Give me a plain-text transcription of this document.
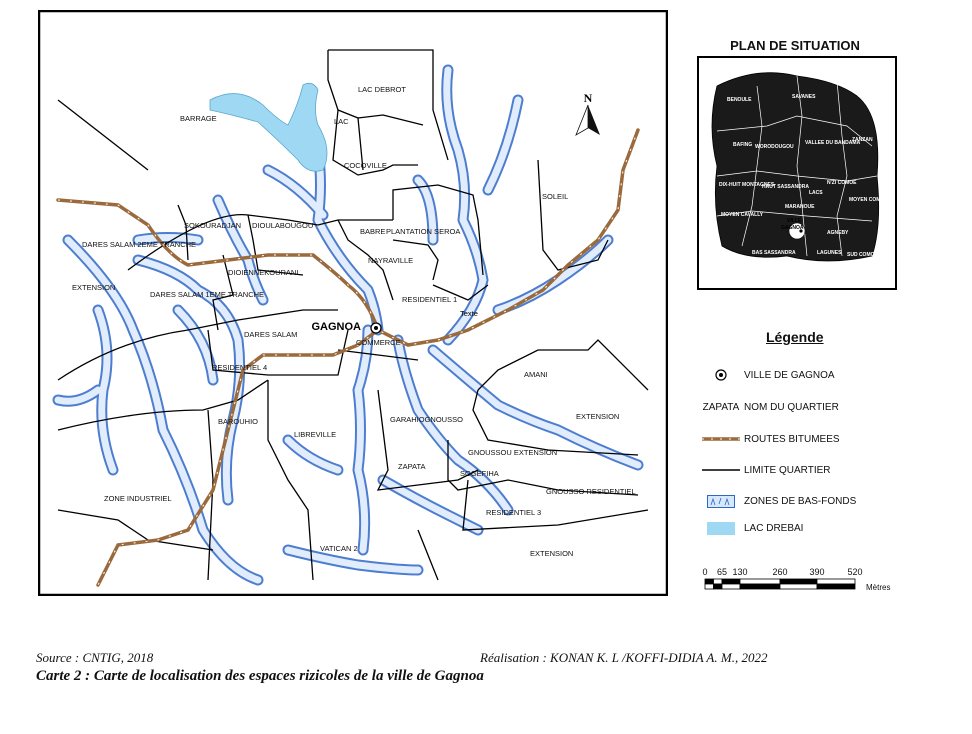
N
GAGNOA
Texte
LAC DEBROT
BARRAGE	LAC
COCOVILLE
SOLEIL
SOKOURADJAN DIOULABOUGOU
BABRE PLANTATION SEROA
DARES SALAM 2EME TRANCHE
DIOIENNEKOURANI
NAYRAVILLE
EXTENSION
DARES SALAM 1EME TRANCHE
RESIDENTIEL 1
DARES SALAM
COMMERCE
RESIDENTIEL 4
AMANI
EXTENSION
BAROUHIO
LIBREVILLE
GARAHIOGNOUSSO
GNOUSSOU EXTENSION
ZAPATA
SOGEFIHA
GNOUSSO RESIDENTIEL
ZONE INDUSTRIEL
RESIDENTIEL 3
VATICAN 2
EXTENSION
PLAN DE SITUATION
BENOULE
BAFING
SAVANES
WORODOUGOU
VALLEE DU BANDAMA
ZANZAN
DIX-HUIT MONTAGNES
HAUT SASSANDRA
LACS
N'ZI COMOE
MARAHOUE
MOYEN CAVALLY
MOYEN COMOE
AGNEBY
BAS SASSANDRA	LAGUNES SUD COMOE
VILLE
GAGNOA
Légende
VILLE DE GAGNOA
ZAPATA NOM DU QUARTIER
ROUTES BITUMEES
LIMITE QUARTIER
ZONES DE BAS-FONDS
LAC DREBAI
0 65 130	260 390	520
Mètres
Source : CNTIG, 2018	Réalisation : KONAN K. L /KOFFI-DIDIA A. M., 2022
Carte 2 : Carte de localisation des espaces rizicoles de la ville de Gagnoa
